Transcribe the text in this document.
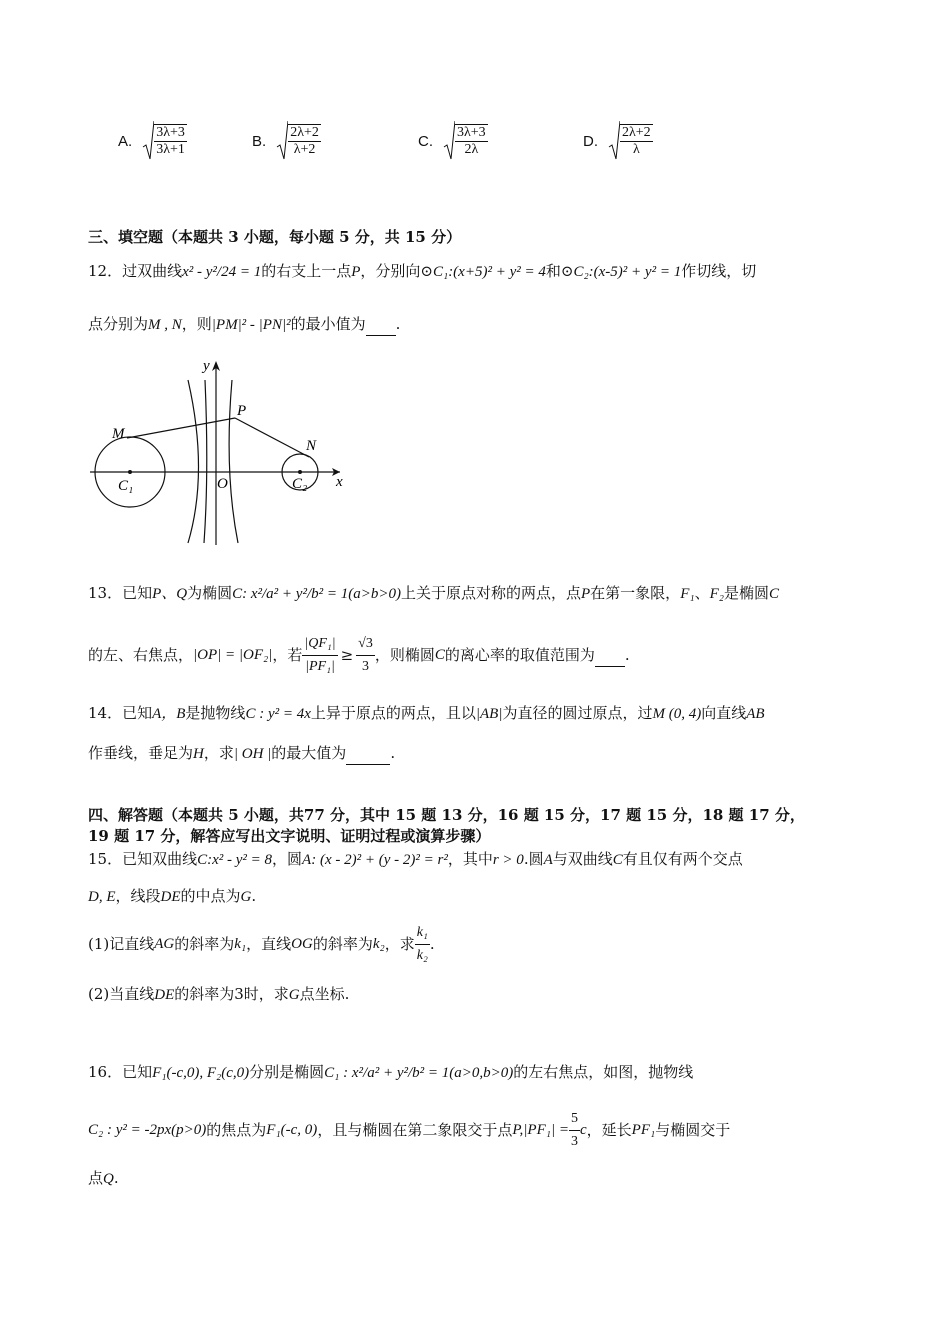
A. $\frac{3\lambda+3}{3\lambda+1}$	B. $\frac{2\lambda+2}{\lambda+2}$	C. $\frac{3\lambda+3}{2\lambda}$	D. $\frac{2\lambda+2}{\lambda}$
三、填空题（本题共 3 小题，每小题 5 分，共 15 分）
12．过双曲线x² - y²/24 = 1的右支上一点P，分别向⊙C₁:(x+5)² + y² = 4和⊙C₂:(x-5)² + y² = 1作切线，切
点分别为M , N，则|PM|² - |PN|²的最小值为 .
y
x
P
M
N
O
C₁	C₂
13．已知P、Q为椭圆C: x²/a² + y²/b² = 1(a>b>0)上关于原点对称的两点，点P在第一象限，F₁、F₂是椭圆C
的左、右焦点， |OP| = |OF₂| ，若 $\frac{\text{|QF₁|}}{\text{|PF₁|}} \ge \frac{√3}{3}$ ，则椭圆 C 的离心率的取值范围为
.
14．已知A，B是抛物线C : y² = 4x上异于原点的两点，且以|AB|为直径的圆过原点，过M (0, 4)向直线AB
作垂线，垂足为H，求| OH |的最大值为	.
四、解答题（本题共 5 小题，共77 分，其中 15 题 13 分，16 题 15 分，17 题 15 分，18 题 17 分，
19 题 17 分，解答应写出文字说明、证明过程或演算步骤）
15．已知双曲线C:x² - y² = 8，圆A: (x - 2)² + (y - 2)² = r²，其中r > 0.圆A与双曲线C有且仅有两个交点
D, E，线段DE的中点为G.
(1)记直线 AG 的斜率为 k₁ ，直线 OG 的斜率为 k₂ ，求 $\frac{\text{k₁}}{\text{k₂}}$ .
(2)当直线DE的斜率为3时，求G点坐标.
16．已知F₁(-c,0), F₂(c,0)分别是椭圆C₁ : x²/a² + y²/b² = 1(a>0,b>0)的左右焦点，如图，抛物线
C₂ : y² = -2px(p>0) 的焦点为 F₁(-c, 0) ，且与椭圆在第二象限交于点 P, $|PF_1| = \frac{5}{3}$ c ，延长 PF₁ 与椭圆交于
点Q.
